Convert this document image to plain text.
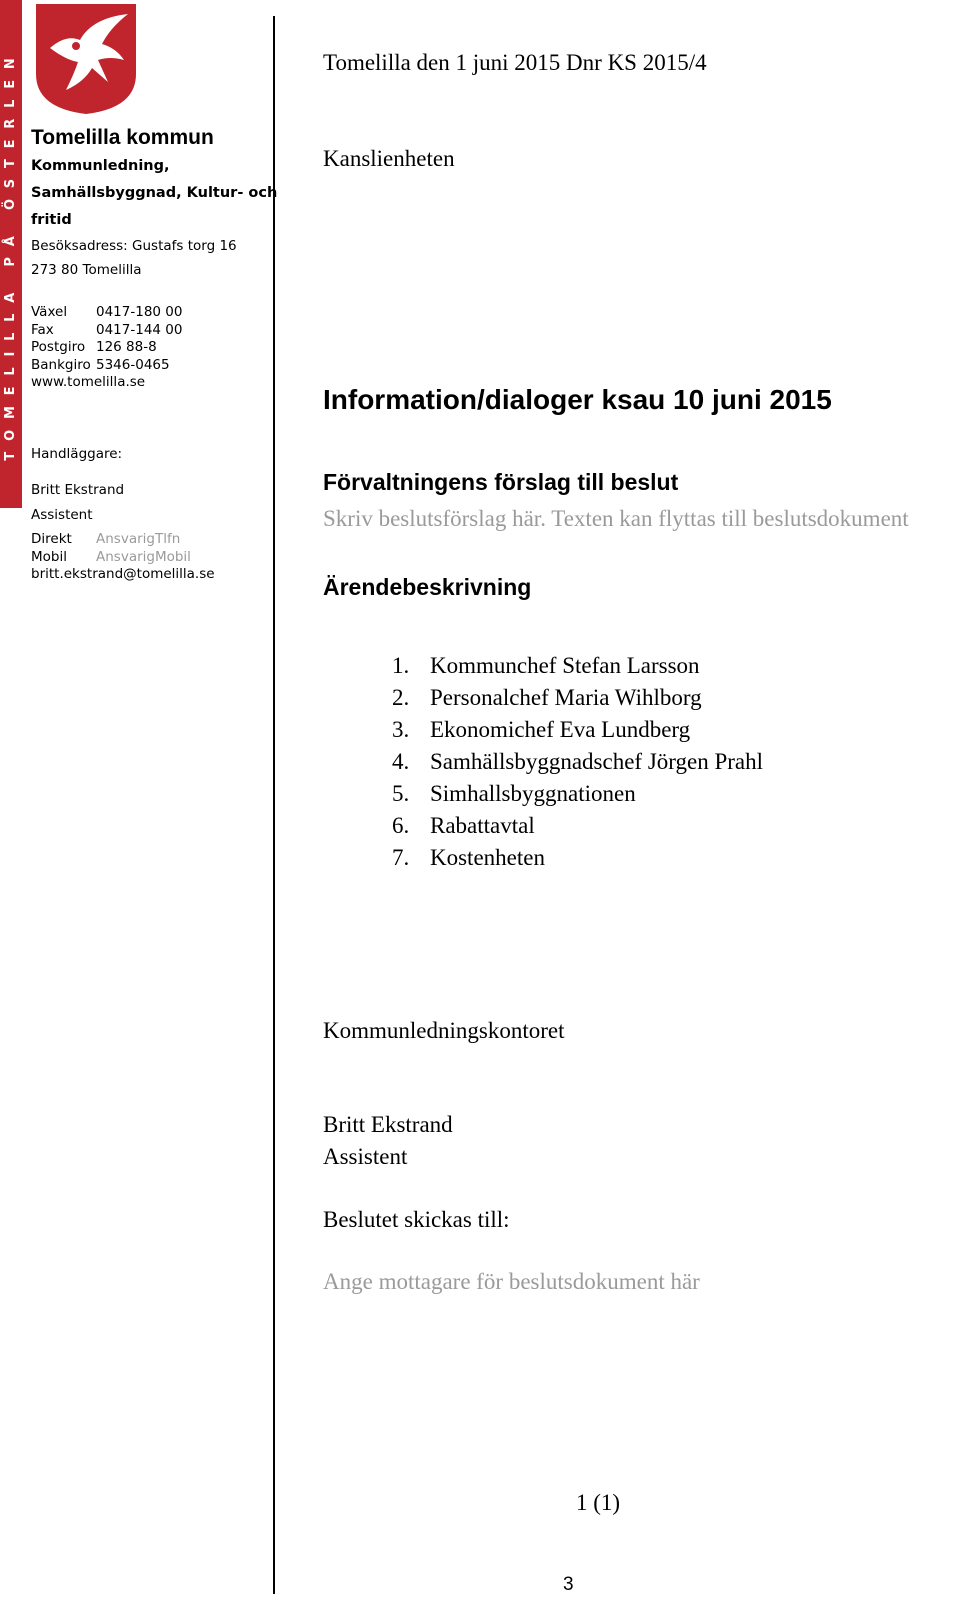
TOMELILLA PÅ ÖSTERLEN Tomelilla kommun
Kommunledning,
Samhällsbyggnad, Kultur- och
fritid
Besöksadress: Gustafs torg 16
273 80 Tomelilla
Växel	0417-180 00
Fax	0417-144 00
Postgiro 126 88-8
Bankgiro 5346-0465
www.tomelilla.se
Handläggare:
Britt Ekstrand
Assistent
Direkt	AnsvarigTlfn
Mobil	AnsvarigMobil
britt.ekstrand@tomelilla.se
Tomelilla den 1 juni 2015 Dnr KS 2015/4
Kanslienheten
Information/dialoger ksau 10 juni 2015
Förvaltningens förslag till beslut
Skriv beslutsförslag här. Texten kan flyttas till beslutsdokument
Ärendebeskrivning
1. Kommunchef Stefan Larsson
2. Personalchef Maria Wihlborg
3. Ekonomichef Eva Lundberg
4. Samhällsbyggnadschef Jörgen Prahl
5. Simhallsbyggnationen
6. Rabattavtal
7. Kostenheten
Kommunledningskontoret
Britt Ekstrand
Assistent
Beslutet skickas till:
Ange mottagare för beslutsdokument här
1 (1)
3
